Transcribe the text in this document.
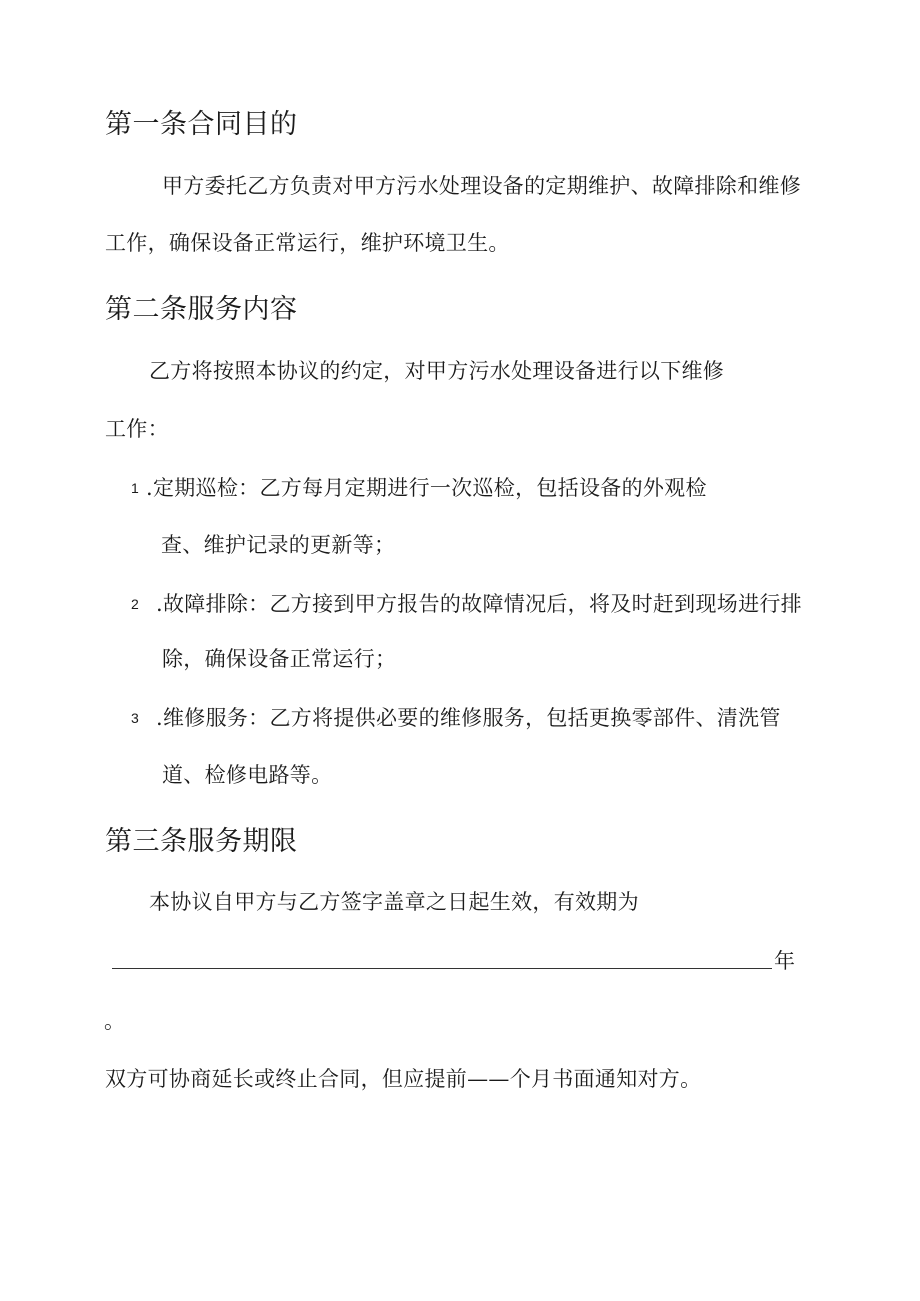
第一条合同目的
甲方委托乙方负责对甲方污水处理设备的定期维护、故障排除和维修
工作，确保设备正常运行，维护环境卫生。
第二条服务内容
乙方将按照本协议的约定，对甲方污水处理设备进行以下维修
工作：
1 .定期巡检：乙方每月定期进行一次巡检，包括设备的外观检
查、维护记录的更新等；
2 .故障排除：乙方接到甲方报告的故障情况后，将及时赶到现场进行排
除，确保设备正常运行；
3 .维修服务：乙方将提供必要的维修服务，包括更换零部件、清洗管
道、检修电路等。
第三条服务期限
本协议自甲方与乙方签字盖章之日起生效，有效期为
年
。
双方可协商延长或终止合同，但应提前——个月书面通知对方。
